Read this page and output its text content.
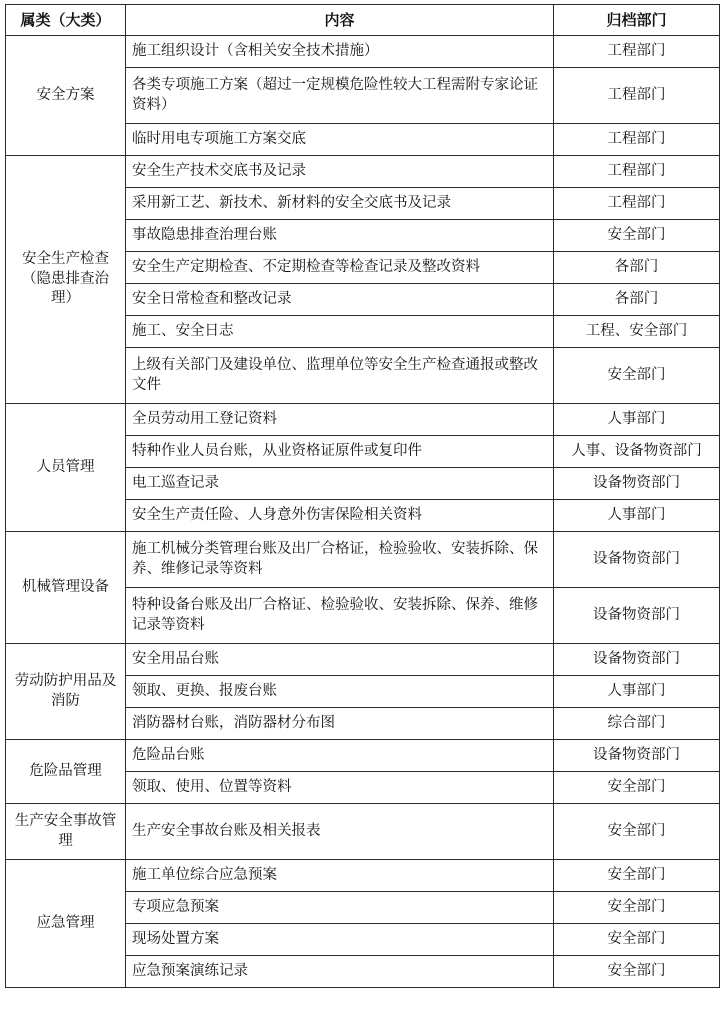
属类（大类）	内容	归档部门
安全方案	施工组织设计（含相关安全技术措施）	工程部门
	各类专项施工方案（超过一定规模危险性较大工程需附专家论证资料）	工程部门
	临时用电专项施工方案交底	工程部门
安全生产检查（隐患排查治理）	安全生产技术交底书及记录	工程部门
	采用新工艺、新技术、新材料的安全交底书及记录	工程部门
	事故隐患排查治理台账	安全部门
	安全生产定期检查、不定期检查等检查记录及整改资料	各部门
	安全日常检查和整改记录	各部门
	施工、安全日志	工程、安全部门
	上级有关部门及建设单位、监理单位等安全生产检查通报或整改文件	安全部门
人员管理	全员劳动用工登记资料	人事部门
	特种作业人员台账，从业资格证原件或复印件	人事、设备物资部门
	电工巡查记录	设备物资部门
	安全生产责任险、人身意外伤害保险相关资料	人事部门
机械管理设备	施工机械分类管理台账及出厂合格证，检验验收、安装拆除、保养、维修记录等资料	设备物资部门
	特种设备台账及出厂合格证、检验验收、安装拆除、保养、维修记录等资料	设备物资部门
劳动防护用品及消防	安全用品台账	设备物资部门
	领取、更换、报废台账	人事部门
	消防器材台账，消防器材分布图	综合部门
危险品管理	危险品台账	设备物资部门
	领取、使用、位置等资料	安全部门
生产安全事故管理	生产安全事故台账及相关报表	安全部门
应急管理	施工单位综合应急预案	安全部门
	专项应急预案	安全部门
	现场处置方案	安全部门
	应急预案演练记录	安全部门
